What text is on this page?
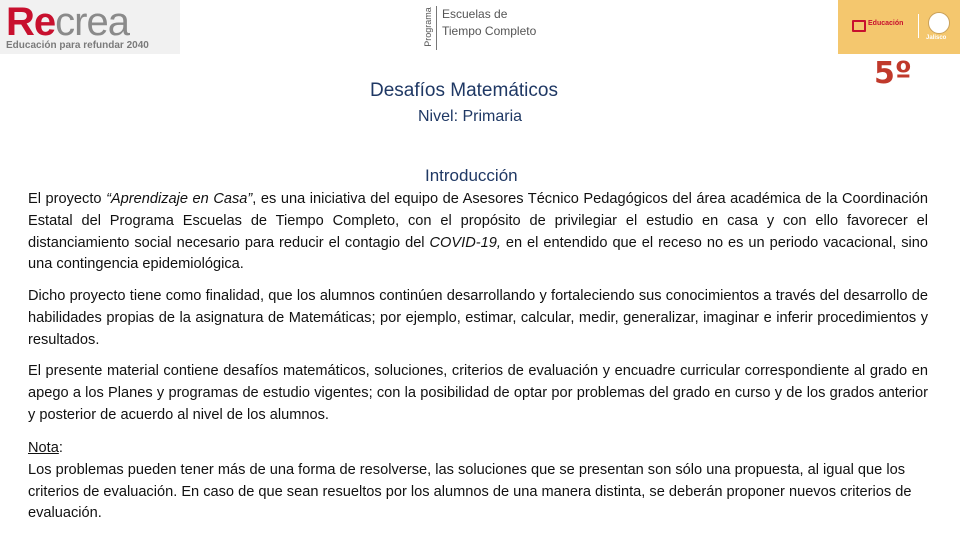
Recrea
Educación para refundar 2040	Programa Escuelas de
Tiempo Completo
Educación
Jalisco
Desafíos Matemáticos	5º
Nivel: Primaria
Introducción

El proyecto “Aprendizaje en Casa”, es una iniciativa del equipo de Asesores Técnico Pedagógicos del área académica de la Coordinación Estatal del Programa Escuelas de Tiempo Completo, con el propósito de privilegiar el estudio en casa y con ello favorecer el distanciamiento social necesario para reducir el contagio del COVID-19, en el entendido que el receso no es un periodo vacacional, sino una contingencia epidemiológica.

Dicho proyecto tiene como finalidad, que los alumnos continúen desarrollando y fortaleciendo sus conocimientos a través del desarrollo de habilidades propias de la asignatura de Matemáticas; por ejemplo, estimar, calcular, medir, generalizar, imaginar e inferir procedimientos y resultados.

El presente material contiene desafíos matemáticos, soluciones, criterios de evaluación y encuadre curricular correspondiente al grado en apego a los Planes y programas de estudio vigentes; con la posibilidad de optar por problemas del grado en curso y de los grados anterior y posterior de acuerdo al nivel de los alumnos.

Nota:

Los problemas pueden tener más de una forma de resolverse, las soluciones que se presentan son sólo una propuesta, al igual que los criterios de evaluación. En caso de que sean resueltos por los alumnos de una manera distinta, se deberán proponer nuevos criterios de evaluación.
